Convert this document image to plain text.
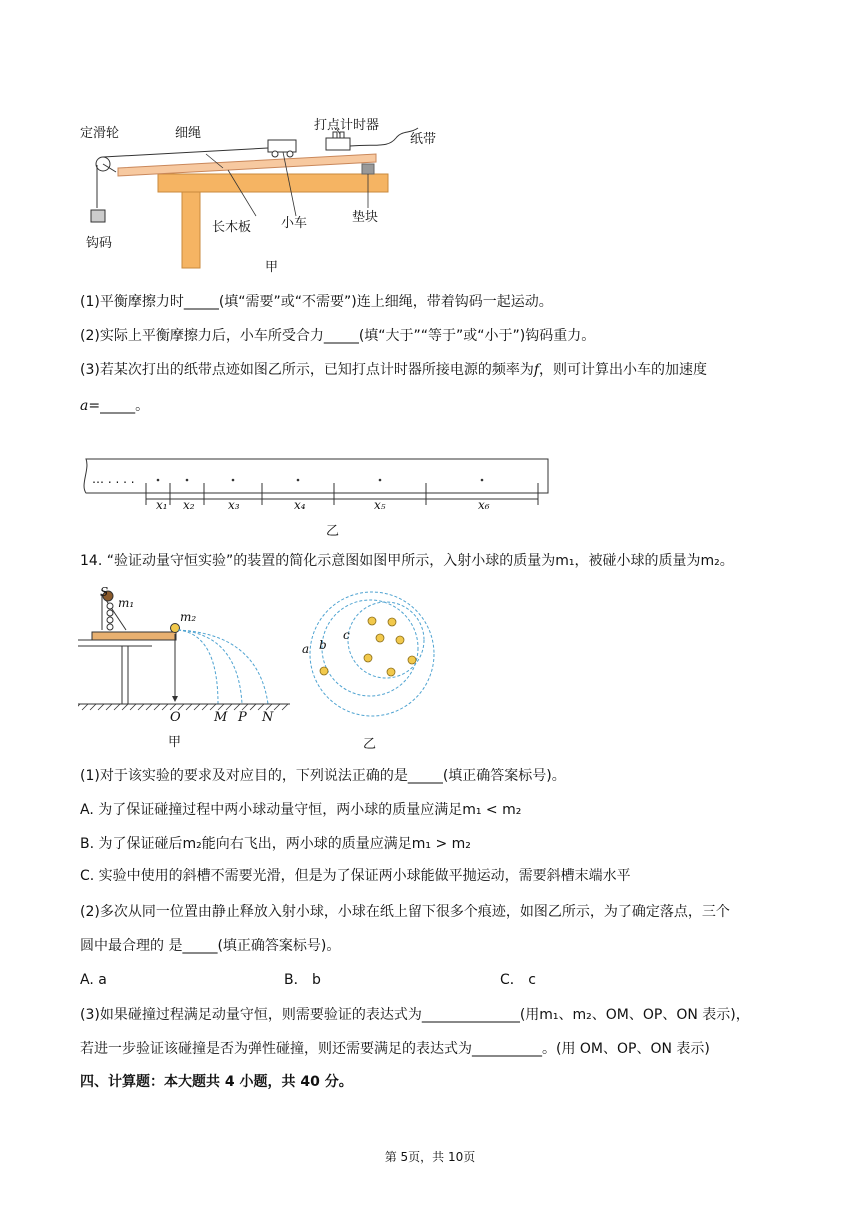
定滑轮	细绳
打点计时器
纸带
长木板 小车	垫块
钩码
甲
(1)平衡摩擦力时_____(填“需要”或“不需要”)连上细绳，带着钩码一起运动。
(2)实际上平衡摩擦力后，小车所受合力_____(填“大于”“等于”或“小于”)钩码重力。
(3)若某次打出的纸带点迹如图乙所示，已知打点计时器所接电源的频率为f，则可计算出小车的加速度
a=_____。
… . . . .
x₁ x₂	x₃	x₄	x₅	x₆
乙
14. “验证动量守恒实验”的装置的简化示意图如图甲所示，入射小球的质量为m₁，被碰小球的质量为m₂。
S
m₁
m₂
O	M P N
甲
a b
c
乙
(1)对于该实验的要求及对应目的，下列说法正确的是_____(填正确答案标号)。
A. 为了保证碰撞过程中两小球动量守恒，两小球的质量应满足m₁ < m₂
B. 为了保证碰后m₂能向右飞出，两小球的质量应满足m₁ > m₂
C. 实验中使用的斜槽不需要光滑，但是为了保证两小球能做平抛运动，需要斜槽末端水平
(2)多次从同一位置由静止释放入射小球，小球在纸上留下很多个痕迹，如图乙所示，为了确定落点，三个
圆中最合理的 是_____(填正确答案标号)。
A. a	B． b	C． c
(3)如果碰撞过程满足动量守恒，则需要验证的表达式为______________(用m₁、m₂、OM、OP、ON 表示)，
若进一步验证该碰撞是否为弹性碰撞，则还需要满足的表达式为__________。(用 OM、OP、ON 表示)
四、计算题：本大题共 4 小题，共 40 分。
第 5页，共 10页
